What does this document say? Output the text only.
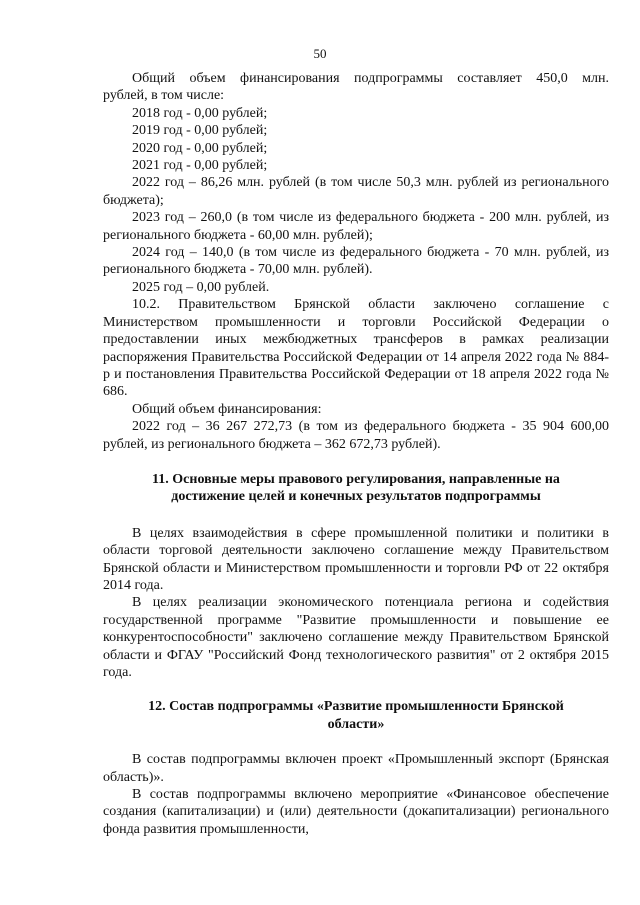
50

Общий объем финансирования подпрограммы составляет 450,0 млн.

рублей, в том числе:

2018 год - 0,00 рублей;

2019 год - 0,00 рублей;

2020 год - 0,00 рублей;

2021 год - 0,00 рублей;

2022 год – 86,26 млн. рублей (в том числе 50,3 млн. рублей из регионального бюджета);

2023 год – 260,0 (в том числе из федерального бюджета - 200 млн. рублей, из регионального бюджета - 60,00 млн. рублей);

2024 год – 140,0 (в том числе из федерального бюджета - 70 млн. рублей, из регионального бюджета - 70,00 млн. рублей).

2025 год – 0,00 рублей.

10.2. Правительством Брянской области заключено соглашение с Министерством промышленности и торговли Российской Федерации о предоставлении иных межбюджетных трансферов в рамках реализации распоряжения Правительства Российской Федерации от 14 апреля 2022 года № 884-р и постановления Правительства Российской Федерации от 18 апреля 2022 года № 686.

Общий объем финансирования:

2022 год – 36 267 272,73 (в том из федерального бюджета - 35 904 600,00 рублей, из регионального бюджета – 362 672,73 рублей).

11. Основные меры правового регулирования, направленные на
достижение целей и конечных результатов подпрограммы

В целях взаимодействия в сфере промышленной политики и политики в области торговой деятельности заключено соглашение между Правительством Брянской области и Министерством промышленности и торговли РФ от 22 октября 2014 года.

В целях реализации экономического потенциала региона и содействия государственной программе "Развитие промышленности и повышение ее конкурентоспособности" заключено соглашение между Правительством Брянской области и ФГАУ "Российский Фонд технологического развития" от 2 октября 2015 года.

12. Состав подпрограммы «Развитие промышленности Брянской
области»

В состав подпрограммы включен проект «Промышленный экспорт (Брянская область)».

В состав подпрограммы включено мероприятие «Финансовое обеспечение создания (капитализации) и (или) деятельности (докапитализации) регионального фонда развития промышленности,
